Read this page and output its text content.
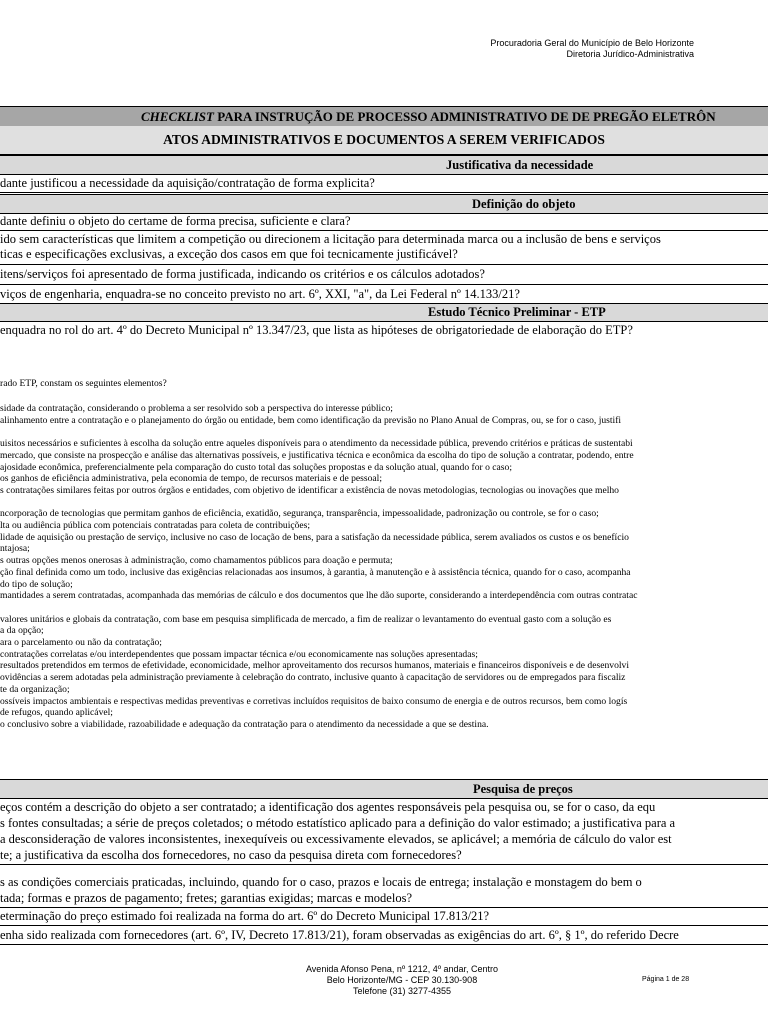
Procuradoria Geral do Município de Belo Horizonte
Diretoria Jurídico-Administrativa
CHECKLIST PARA INSTRUÇÃO DE PROCESSO ADMINISTRATIVO DE DE PREGÃO ELETRÔN
ATOS ADMINISTRATIVOS E DOCUMENTOS A SEREM VERIFICADOS
Justificativa da necessidade
dante justificou a necessidade da aquisição/contratação de forma explicita?
Definição do objeto
dante definiu o objeto do certame de forma precisa, suficiente e clara?
ido sem características que limitem a competição ou direcionem a licitação para determinada marca ou a inclusão de bens e serviços
ticas e especificações exclusivas, a exceção dos casos em que foi tecnicamente justificável?
itens/serviços foi apresentado de forma justificada, indicando os critérios e os cálculos adotados?
viços de engenharia, enquadra-se no conceito previsto no art. 6º, XXI, "a", da Lei Federal nº 14.133/21?
Estudo Técnico Preliminar - ETP
enquadra no rol do art. 4º do Decreto Municipal nº 13.347/23, que lista as hipóteses de obrigatoriedade de elaboração do ETP?
rado ETP, constam os seguintes elementos?
sidade da contratação, considerando o problema a ser resolvido sob a perspectiva do interesse público;
alinhamento entre a contratação e o planejamento do órgão ou entidade, bem como identificação da previsão no Plano Anual de Compras, ou, se for o caso, justifi

uisitos necessários e suficientes à escolha da solução entre aqueles disponíveis para o atendimento da necessidade pública, prevendo critérios e práticas de sustentabi
mercado, que consiste na prospecção e análise das alternativas possíveis, e justificativa técnica e econômica da escolha do tipo de solução a contratar, podendo, entre
ajosidade econômica, preferencialmente pela comparação do custo total das soluções propostas e da solução atual, quando for o caso;
os ganhos de eficiência administrativa, pela economia de tempo, de recursos materiais e de pessoal;
s contratações similares feitas por outros órgãos e entidades, com objetivo de identificar a existência de novas metodologias, tecnologias ou inovações que melho

ncorporação de tecnologias que permitam ganhos de eficiência, exatidão, segurança, transparência, impessoalidade, padronização ou controle, se for o caso;
lta ou audiência pública com potenciais contratadas para coleta de contribuições;
lidade de aquisição ou prestação de serviço, inclusive no caso de locação de bens, para a satisfação da necessidade pública, serem avaliados os custos e os benefício
ntajosa;
s outras opções menos onerosas à administração, como chamamentos públicos para doação e permuta;
ção final definida como um todo, inclusive das exigências relacionadas aos insumos, à garantia, à manutenção e à assistência técnica, quando for o caso, acompanha
do tipo de solução;
mantidades a serem contratadas, acompanhada das memórias de cálculo e dos documentos que lhe dão suporte, considerando a interdependência com outras contratac

valores unitários e globais da contratação, com base em pesquisa simplificada de mercado, a fim de realizar o levantamento do eventual gasto com a solução es
a da opção;
ara o parcelamento ou não da contratação;
contratações correlatas e/ou interdependentes que possam impactar técnica e/ou economicamente nas soluções apresentadas;
resultados pretendidos em termos de efetividade, economicidade, melhor aproveitamento dos recursos humanos, materiais e financeiros disponíveis e de desenvolvi
ovidências a serem adotadas pela administração previamente à celebração do contrato, inclusive quanto à capacitação de servidores ou de empregados para fiscaliz
te da organização;
ossíveis impactos ambientais e respectivas medidas preventivas e corretivas incluídos requisitos de baixo consumo de energia e de outros recursos, bem como logís
de refugos, quando aplicável;
o conclusivo sobre a viabilidade, razoabilidade e adequação da contratação para o atendimento da necessidade a que se destina.
Pesquisa de preços
eços contém a descrição do objeto a ser contratado; a identificação dos agentes responsáveis pela pesquisa ou, se for o caso, da equ
s fontes consultadas; a série de preços coletados; o método estatístico aplicado para a definição do valor estimado; a justificativa para a
a desconsideração de valores inconsistentes, inexequíveis ou excessivamente elevados, se aplicável; a memória de cálculo do valor est
te; a justificativa da escolha dos fornecedores, no caso da pesquisa direta com fornecedores?
s as condições comerciais praticadas, incluindo, quando for o caso, prazos e locais de entrega; instalação e monstagem do bem o
tada; formas e prazos de pagamento; fretes; garantias exigidas; marcas e modelos?
eterminação do preço estimado foi realizada na forma do art. 6º do Decreto Municipal 17.813/21?
enha sido realizada com fornecedores (art. 6º, IV, Decreto 17.813/21), foram observadas as exigências do art. 6º, § 1º, do referido Decre
Avenida Afonso Pena, nº 1212, 4º andar, Centro
Belo Horizonte/MG - CEP 30.130-908
Telefone (31) 3277-4355
Página 1 de 28
